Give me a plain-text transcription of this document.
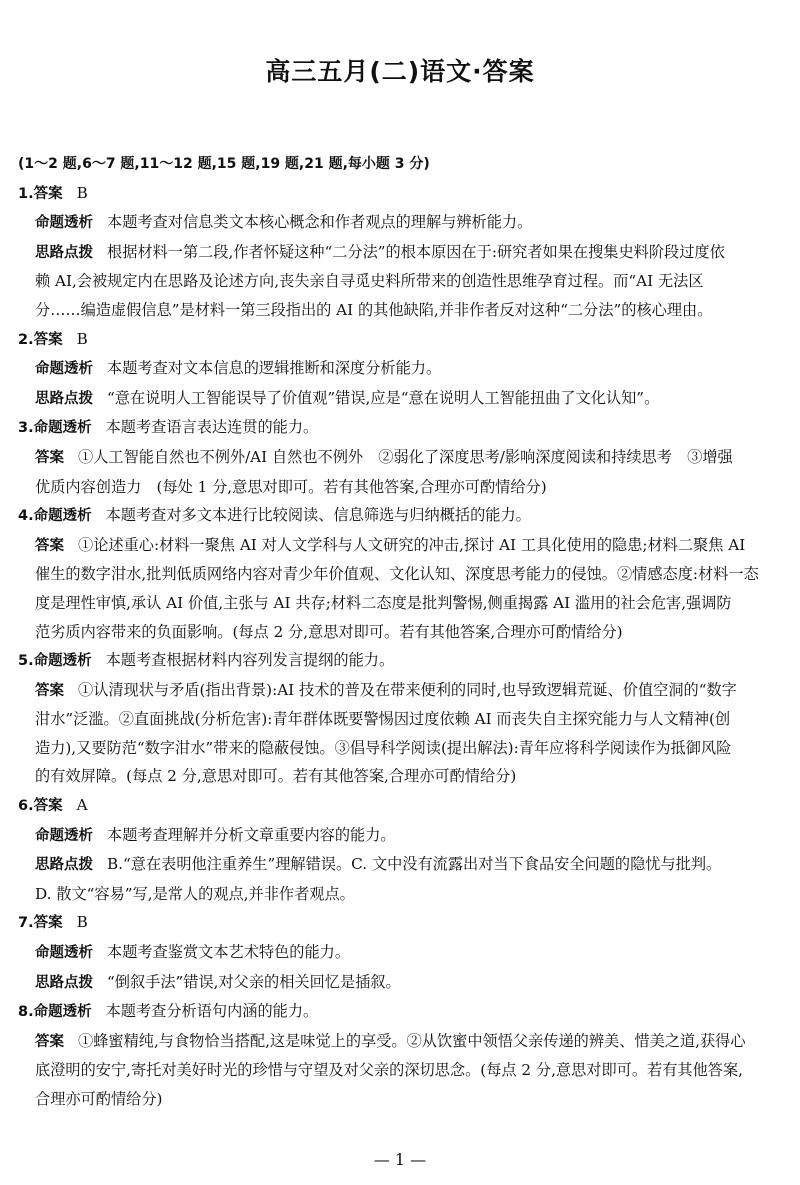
高三五月(二)语文·答案

(1～2 题,6～7 题,11～12 题,15 题,19 题,21 题,每小题 3 分)

1.答案 B

命题透析 本题考查对信息类文本核心概念和作者观点的理解与辨析能力。

思路点拨 根据材料一第二段,作者怀疑这种“二分法”的根本原因在于:研究者如果在搜集史料阶段过度依

赖 AI,会被规定内在思路及论述方向,丧失亲自寻觅史料所带来的创造性思维孕育过程。而“AI 无法区

分……编造虚假信息”是材料一第三段指出的 AI 的其他缺陷,并非作者反对这种“二分法”的核心理由。

2.答案 B

命题透析 本题考查对文本信息的逻辑推断和深度分析能力。

思路点拨 “意在说明人工智能误导了价值观”错误,应是“意在说明人工智能扭曲了文化认知”。

3.命题透析 本题考查语言表达连贯的能力。

答案 ①人工智能自然也不例外/AI 自然也不例外　②弱化了深度思考/影响深度阅读和持续思考　③增强

优质内容创造力　(每处 1 分,意思对即可。若有其他答案,合理亦可酌情给分)

4.命题透析 本题考查对多文本进行比较阅读、信息筛选与归纳概括的能力。

答案 ①论述重心:材料一聚焦 AI 对人文学科与人文研究的冲击,探讨 AI 工具化使用的隐患;材料二聚焦 AI

催生的数字泔水,批判低质网络内容对青少年价值观、文化认知、深度思考能力的侵蚀。②情感态度:材料一态

度是理性审慎,承认 AI 价值,主张与 AI 共存;材料二态度是批判警惕,侧重揭露 AI 滥用的社会危害,强调防

范劣质内容带来的负面影响。(每点 2 分,意思对即可。若有其他答案,合理亦可酌情给分)

5.命题透析 本题考查根据材料内容列发言提纲的能力。

答案 ①认清现状与矛盾(指出背景):AI 技术的普及在带来便利的同时,也导致逻辑荒诞、价值空洞的“数字

泔水”泛滥。②直面挑战(分析危害):青年群体既要警惕因过度依赖 AI 而丧失自主探究能力与人文精神(创

造力),又要防范“数字泔水”带来的隐蔽侵蚀。③倡导科学阅读(提出解法):青年应将科学阅读作为抵御风险

的有效屏障。(每点 2 分,意思对即可。若有其他答案,合理亦可酌情给分)

6.答案 A

命题透析 本题考查理解并分析文章重要内容的能力。

思路点拨 B.“意在表明他注重养生”理解错误。C. 文中没有流露出对当下食品安全问题的隐忧与批判。

D. 散文“容易”写,是常人的观点,并非作者观点。

7.答案 B

命题透析 本题考查鉴赏文本艺术特色的能力。

思路点拨 “倒叙手法”错误,对父亲的相关回忆是插叙。

8.命题透析 本题考查分析语句内涵的能力。

答案 ①蜂蜜精纯,与食物恰当搭配,这是味觉上的享受。②从饮蜜中领悟父亲传递的辨美、惜美之道,获得心

底澄明的安宁,寄托对美好时光的珍惜与守望及对父亲的深切思念。(每点 2 分,意思对即可。若有其他答案,

合理亦可酌情给分)

— 1 —
